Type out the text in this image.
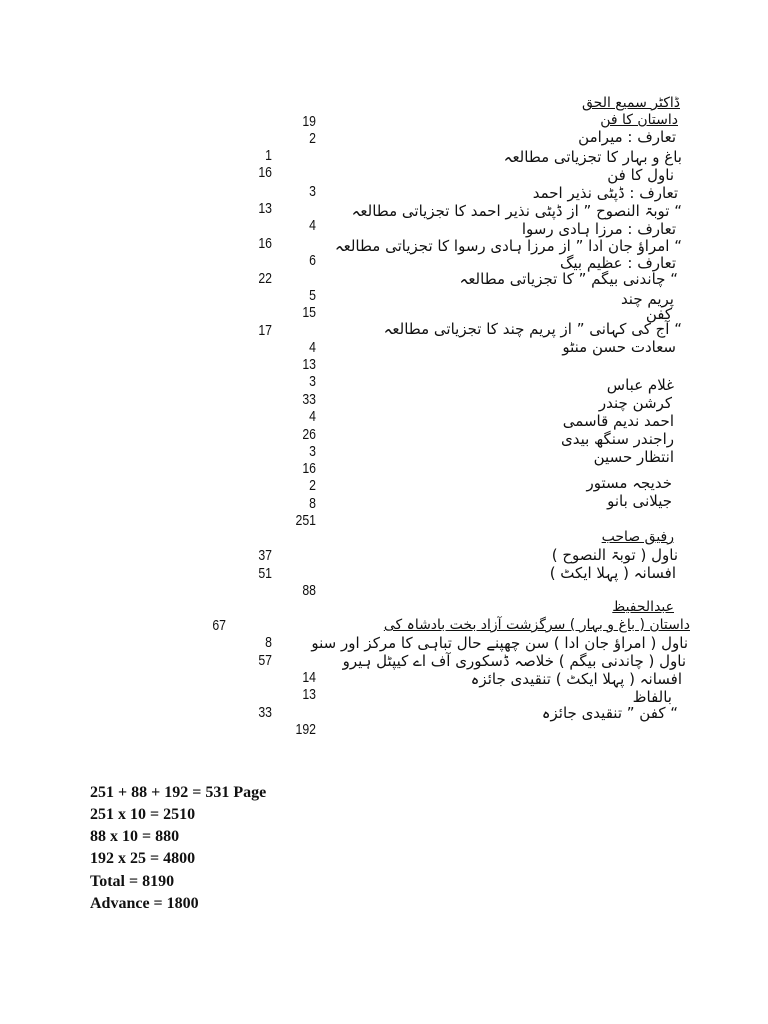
ڈاکٹر سمیع الحق
داستان کا فن
تعارف : میرامن
باغ و بہار کا تجزیاتی مطالعہ
ناول کا فن
تعارف : ڈپٹی نذیر احمد
“ توبۃ النصوح ” از ڈپٹی نذیر احمد کا تجزیاتی مطالعہ
تعارف : مرزا ہادی رسوا
“ امراؤ جان ادا ” از مرزا ہادی رسوا کا تجزیاتی مطالعہ
تعارف : عظیم بیگ
“ چاندنی بیگم ” کا تجزیاتی مطالعہ
پریم چند
کفن
“ آج کی کہانی ” از پریم چند کا تجزیاتی مطالعہ
سعادت حسن منٹو
غلام عباس
کرشن چندر
احمد ندیم قاسمی
راجندر سنگھ بیدی
انتظار حسین
خدیجہ مستور
جیلانی بانو
رفیق صاحب
ناول ( توبۃ النصوح )
افسانہ ( پہلا ایکٹ )
عبدالحفیظ
داستان ( باغ و بہار ) سرگزشت آزاد بخت بادشاہ کی
ناول ( امراؤ جان ادا ) سن چھپنے حال تباہی کا مرکز اور سنو
ناول ( چاندنی بیگم ) خلاصہ ڈسکوری آف اے کیپٹل ہیرو
افسانہ ( پہلا ایکٹ ) تنقیدی جائزہ
بالفاظ
“ کفن ” تنقیدی جائزہ
19
2
1
16
3
13
4
16
6
22
5
15
17
4
13
3
33
4
26
3
16
2
8
251
37
51
88
67
8
57
14
13
33
192
251 + 88 + 192 = 531 Page
251 x 10 = 2510
88 x 10 = 880
192 x 25 = 4800
Total = 8190
Advance = 1800
